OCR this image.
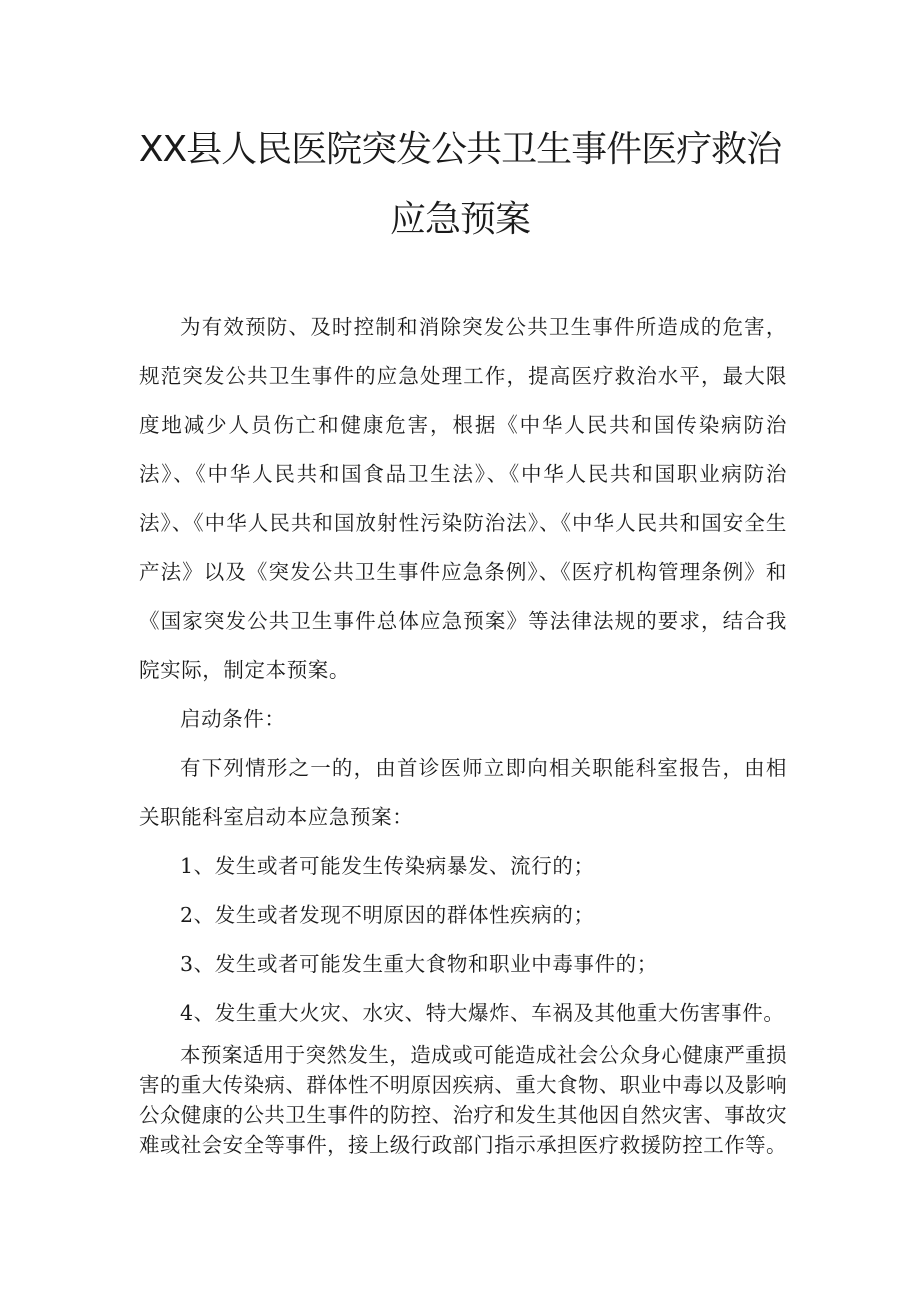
XX县人民医院突发公共卫生事件医疗救治
应急预案

为有效预防、及时控制和消除突发公共卫生事件所造成的危害，规范突发公共卫生事件的应急处理工作，提高医疗救治水平，最大限度地减少人员伤亡和健康危害，根据《中华人民共和国传染病防治法》、《中华人民共和国食品卫生法》、《中华人民共和国职业病防治法》、《中华人民共和国放射性污染防治法》、《中华人民共和国安全生产法》以及《突发公共卫生事件应急条例》、《医疗机构管理条例》和《国家突发公共卫生事件总体应急预案》等法律法规的要求，结合我院实际，制定本预案。

启动条件：

有下列情形之一的，由首诊医师立即向相关职能科室报告，由相关职能科室启动本应急预案：

1、发生或者可能发生传染病暴发、流行的；

2、发生或者发现不明原因的群体性疾病的；

3、发生或者可能发生重大食物和职业中毒事件的；

4、发生重大火灾、水灾、特大爆炸、车祸及其他重大伤害事件。

本预案适用于突然发生，造成或可能造成社会公众身心健康严重损害的重大传染病、群体性不明原因疾病、重大食物、职业中毒以及影响公众健康的公共卫生事件的防控、治疗和发生其他因自然灾害、事故灾难或社会安全等事件，接上级行政部门指示承担医疗救援防控工作等。
